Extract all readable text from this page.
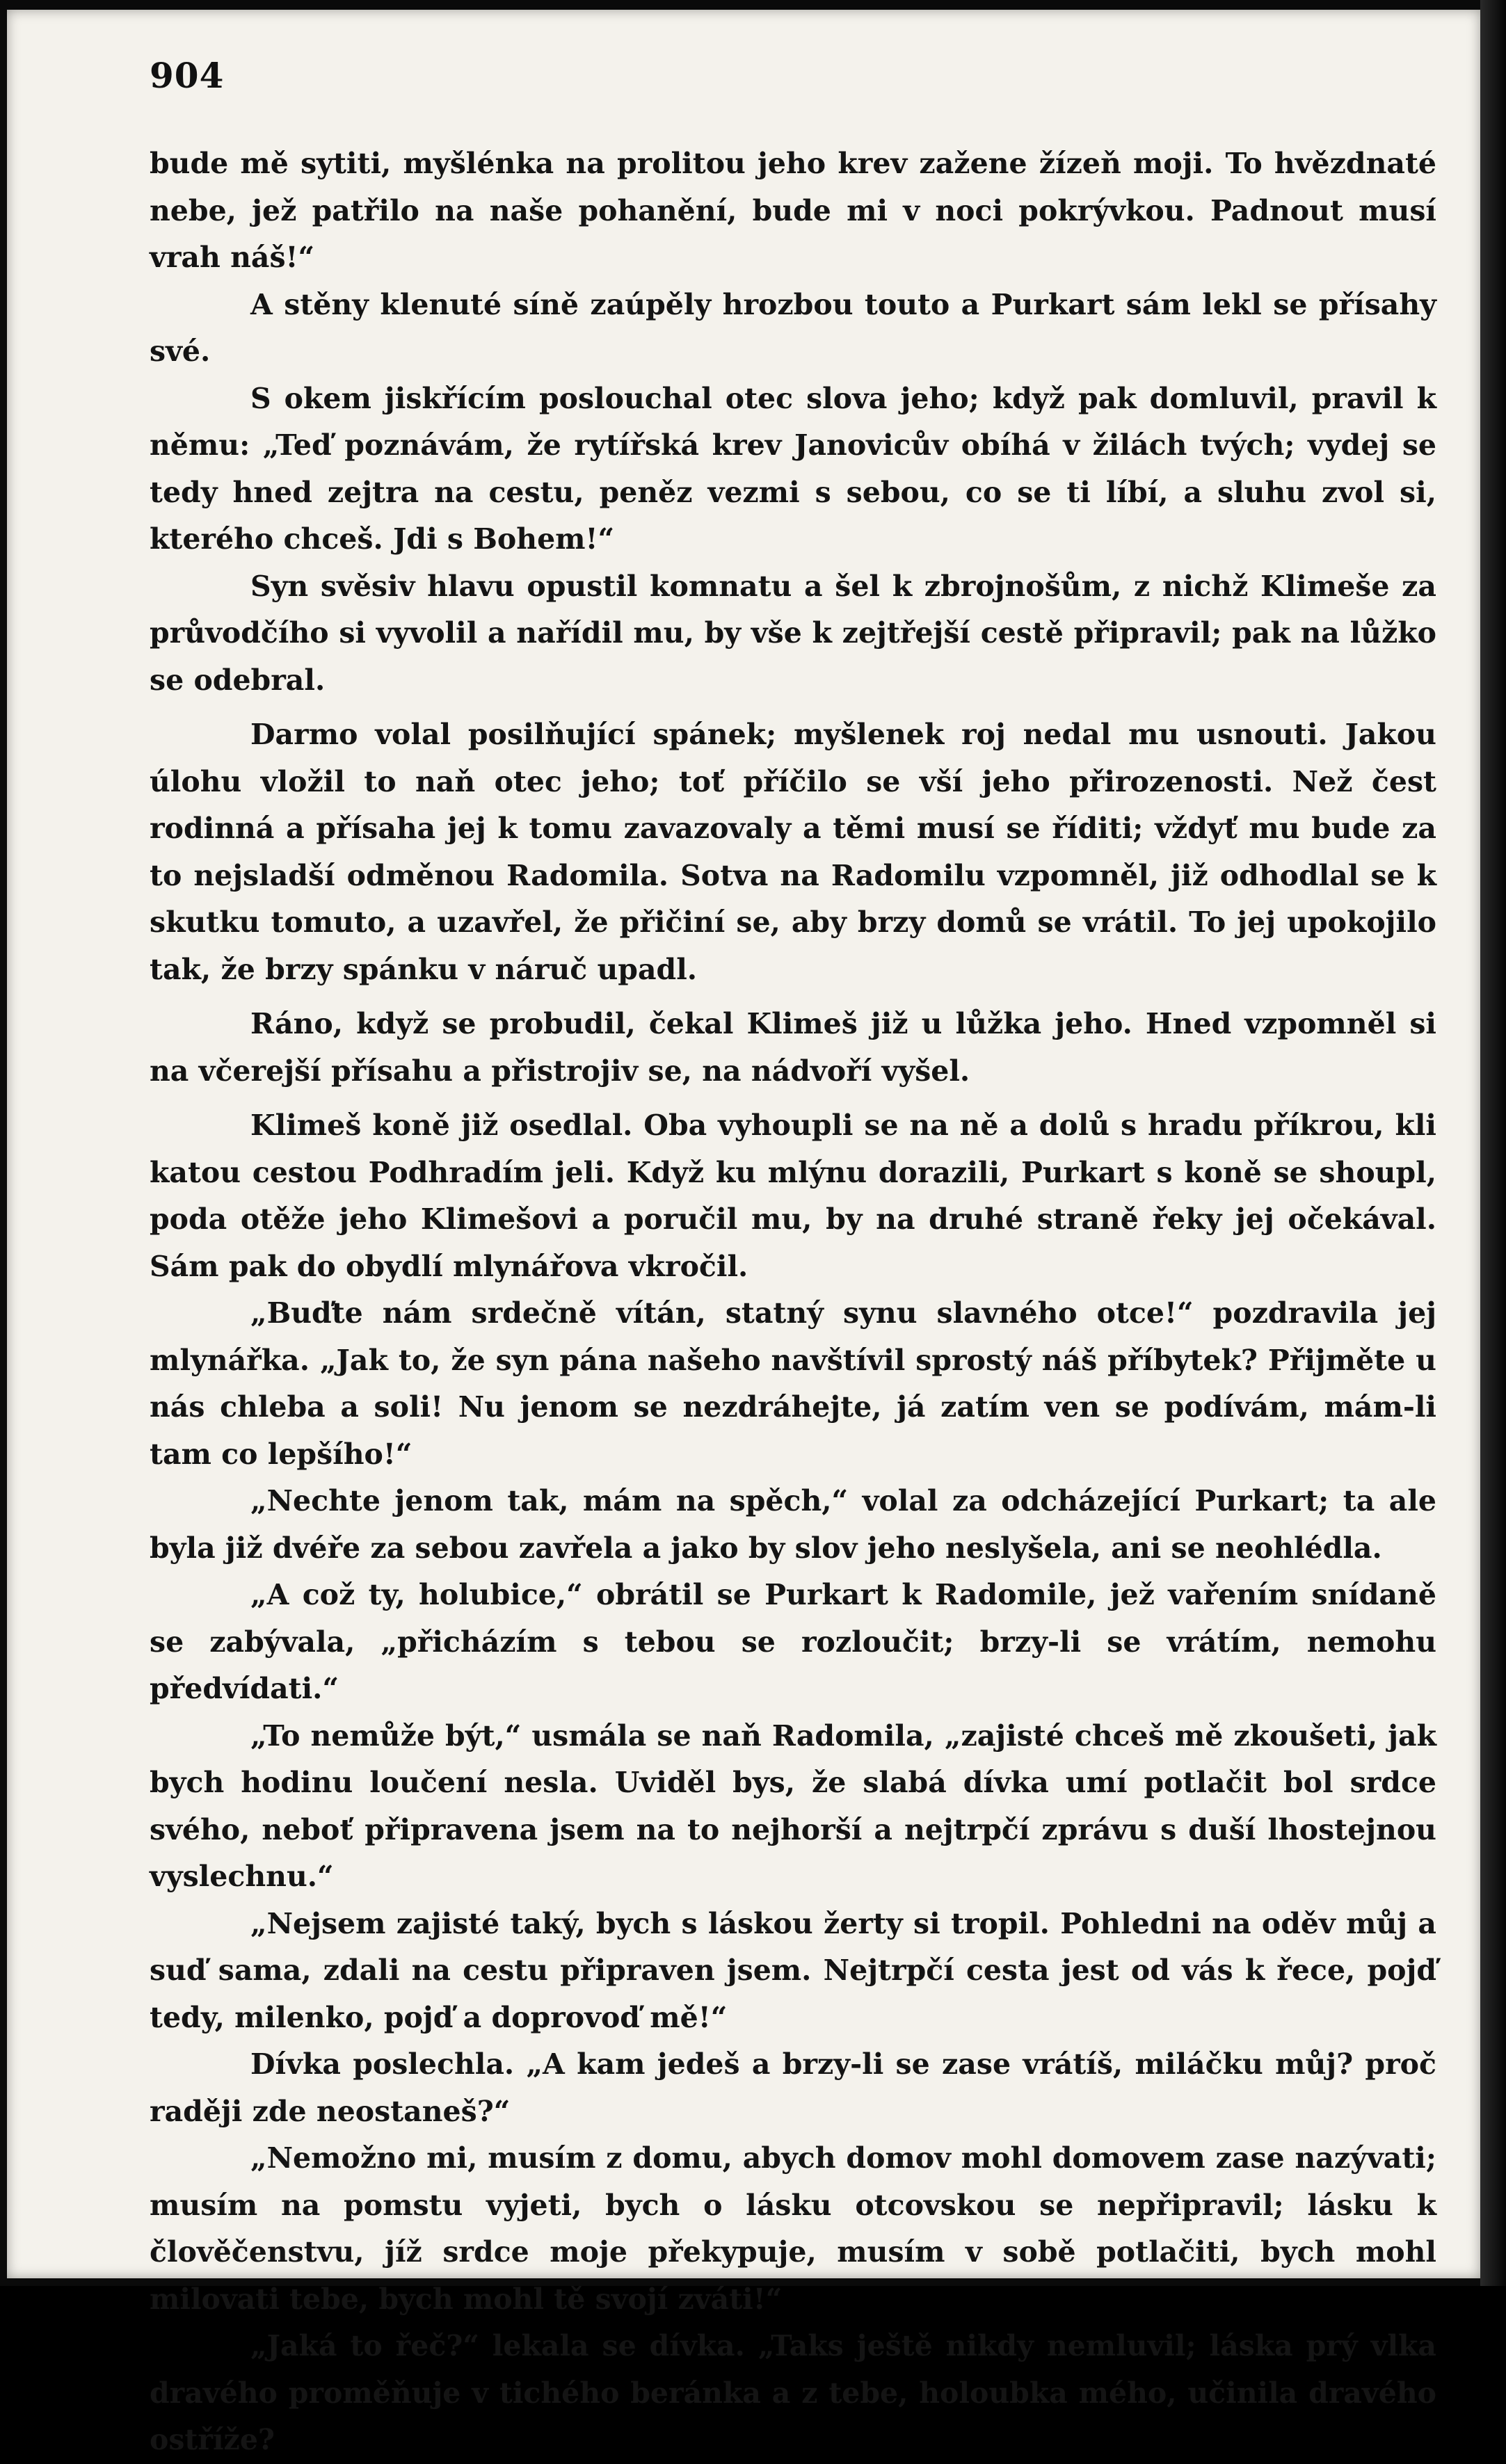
904

bude mě sytiti, myšlénka na prolitou jeho krev zažene žízeň moji. To hvězdnaté nebe, jež patřilo na naše pohanění, bude mi v noci pokrývkou. Padnout musí vrah náš!“

A stěny klenuté síně zaúpěly hrozbou touto a Purkart sám lekl se přísahy své.

S okem jiskřícím poslouchal otec slova jeho; když pak domluvil, pravil k němu: „Teď poznávám, že rytířská krev Janovicův obíhá v žilách tvých; vydej se tedy hned zejtra na cestu, peněz vezmi s sebou, co se ti líbí, a sluhu zvol si, kterého chceš. Jdi s Bohem!“

Syn svěsiv hlavu opustil komnatu a šel k zbrojnošům, z nichž Klimeše za průvodčího si vyvolil a nařídil mu, by vše k zejtřejší cestě připravil; pak na lůžko se odebral.

Darmo volal posilňující spánek; myšlenek roj nedal mu usnouti. Jakou úlohu vložil to naň otec jeho; toť příčilo se vší jeho přirozenosti. Než čest rodinná a přísaha jej k tomu zavazovaly a těmi musí se říditi; vždyť mu bude za to nejsladší odměnou Radomila. Sotva na Radomilu vzpomněl, již odhodlal se k skutku tomuto, a uzavřel, že přičiní se, aby brzy domů se vrátil. To jej upokojilo tak, že brzy spánku v náruč upadl.

Ráno, když se probudil, čekal Klimeš již u lůžka jeho. Hned vzpomněl si na včerejší přísahu a přistrojiv se, na nádvoří vyšel.

Klimeš koně již osedlal. Oba vyhoupli se na ně a dolů s hradu příkrou, kli katou cestou Podhradím jeli. Když ku mlýnu dorazili, Purkart s koně se shoupl, poda otěže jeho Klimešovi a poručil mu, by na druhé straně řeky jej očekával. Sám pak do obydlí mlynářova vkročil.

„Buďte nám srdečně vítán, statný synu slavného otce!“ pozdravila jej mlynářka. „Jak to, že syn pána našeho navštívil sprostý náš příbytek? Přijměte u nás chleba a soli! Nu jenom se nezdráhejte, já zatím ven se podívám, mám-li tam co lepšího!“

„Nechte jenom tak, mám na spěch,“ volal za odcházející Purkart; ta ale byla již dvéře za sebou zavřela a jako by slov jeho neslyšela, ani se neohlédla.

„A což ty, holubice,“ obrátil se Purkart k Radomile, jež vařením snídaně se zabývala, „přicházím s tebou se rozloučit; brzy-li se vrátím, nemohu předvídati.“

„To nemůže být,“ usmála se naň Radomila, „zajisté chceš mě zkoušeti, jak bych hodinu loučení nesla. Uviděl bys, že slabá dívka umí potlačit bol srdce svého, neboť připravena jsem na to nejhorší a nejtrpčí zprávu s duší lhostejnou vyslechnu.“

„Nejsem zajisté taký, bych s láskou žerty si tropil. Pohledni na oděv můj a suď sama, zdali na cestu připraven jsem. Nejtrpčí cesta jest od vás k řece, pojď tedy, milenko, pojď a doprovoď mě!“

Dívka poslechla. „A kam jedeš a brzy-li se zase vrátíš, miláčku můj? proč raději zde neostaneš?“

„Nemožno mi, musím z domu, abych domov mohl domovem zase nazývati; musím na pomstu vyjeti, bych o lásku otcovskou se nepřipravil; lásku k člověčenstvu, jíž srdce moje překypuje, musím v sobě potlačiti, bych mohl milovati tebe, bych mohl tě svojí zváti!“

„Jaká to řeč?“ lekala se dívka. „Taks ještě nikdy nemluvil; láska prý vlka dravého proměňuje v tichého beránka a z tebe, holoubka mého, učinila dravého ostříže?
